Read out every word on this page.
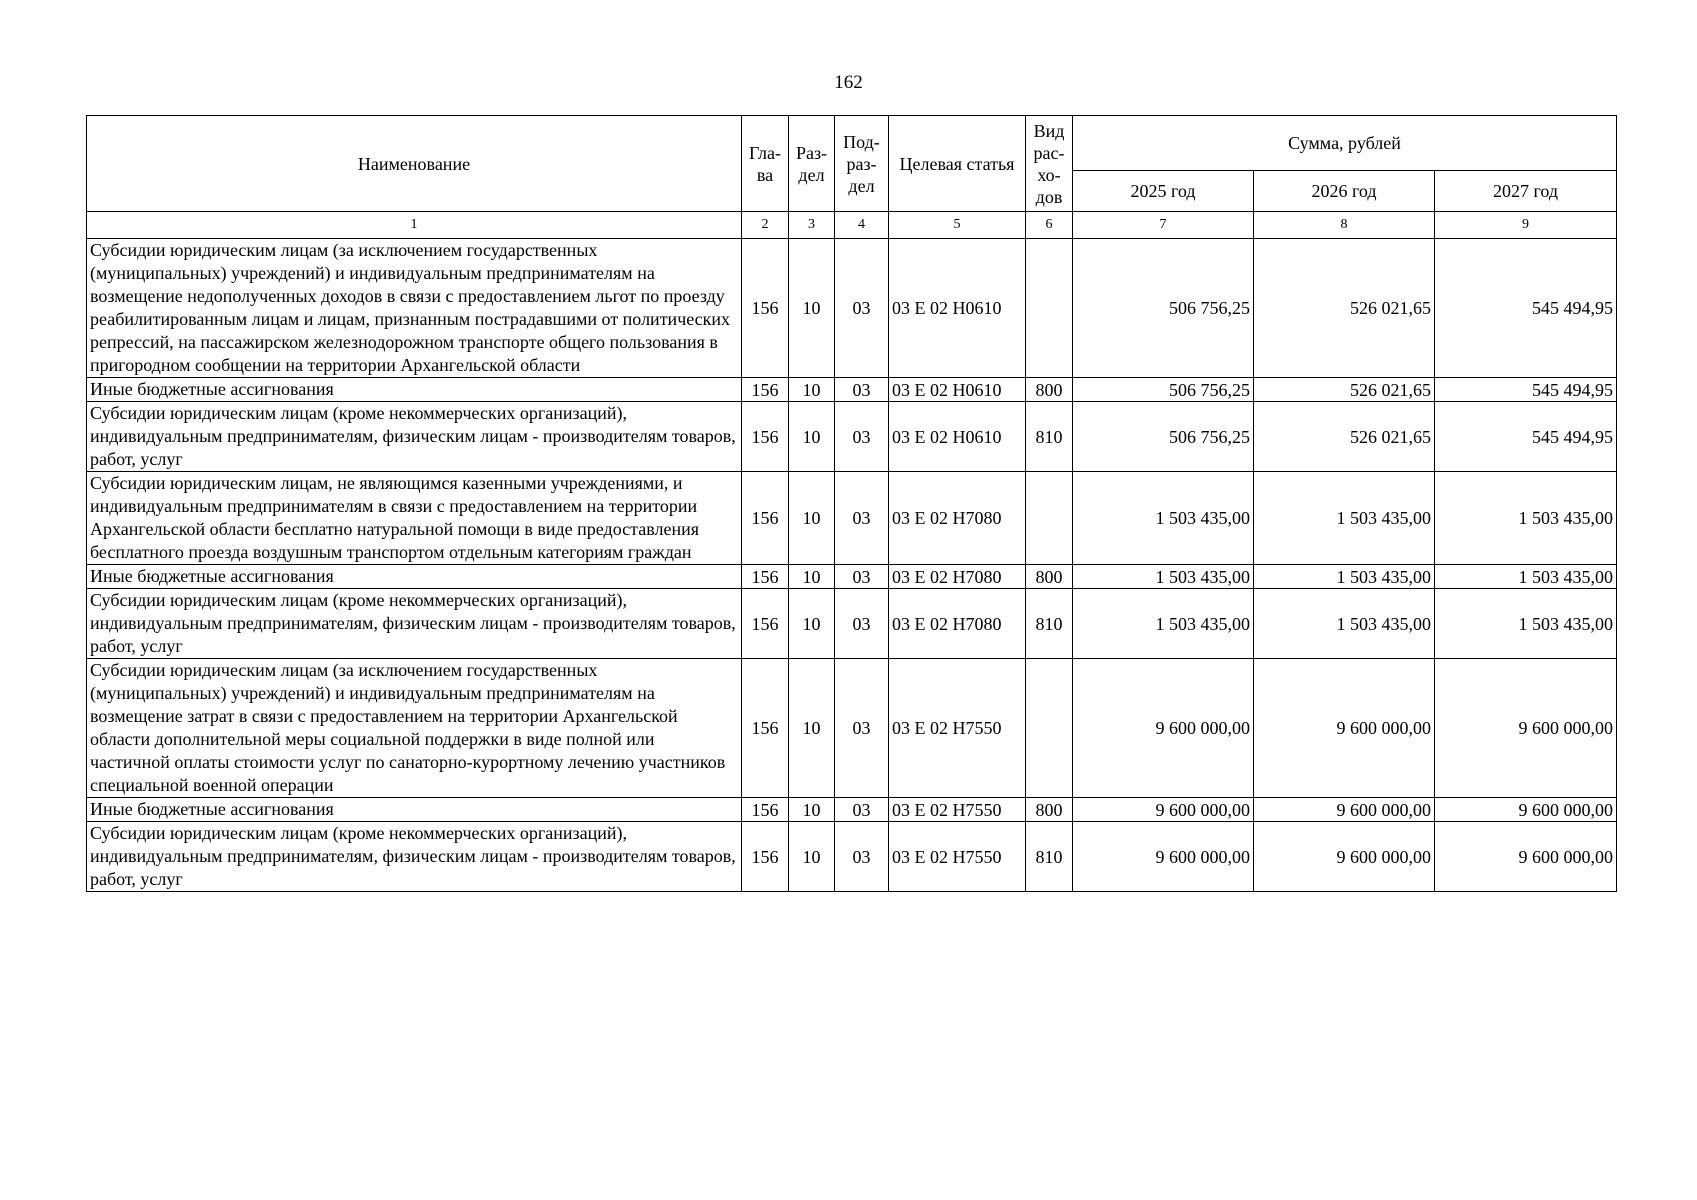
162
Наименование	Гла- ва	Раз- дел	Под- раз- дел	Целевая статья	Вид рас- хо- дов	Сумма, рублей		
						2025 год	2026 год	2027 год
1	2	3	4	5	6	7	8	9
Субсидии юридическим лицам (за исключением государственных (муниципальных) учреждений) и индивидуальным предпринимателям на возмещение недополученных доходов в связи с предоставлением льгот по проезду реабилитированным лицам и лицам, признанным пострадавшими от политических репрессий, на пассажирском железнодорожном транспорте общего пользования в пригородном сообщении на территории Архангельской области	156	10	03	03 Е 02 Н0610		506 756,25	526 021,65	545 494,95
Иные бюджетные ассигнования	156	10	03	03 Е 02 Н0610	800	506 756,25	526 021,65	545 494,95
Субсидии юридическим лицам (кроме некоммерческих организаций), индивидуальным предпринимателям, физическим лицам - производителям товаров, работ, услуг	156	10	03	03 Е 02 Н0610	810	506 756,25	526 021,65	545 494,95
Субсидии юридическим лицам, не являющимся казенными учреждениями, и индивидуальным предпринимателям в связи с предоставлением на территории Архангельской области бесплатно натуральной помощи в виде предоставления бесплатного проезда воздушным транспортом отдельным категориям граждан	156	10	03	03 Е 02 Н7080		1 503 435,00	1 503 435,00	1 503 435,00
Иные бюджетные ассигнования	156	10	03	03 Е 02 Н7080	800	1 503 435,00	1 503 435,00	1 503 435,00
Субсидии юридическим лицам (кроме некоммерческих организаций), индивидуальным предпринимателям, физическим лицам - производителям товаров, работ, услуг	156	10	03	03 Е 02 Н7080	810	1 503 435,00	1 503 435,00	1 503 435,00
Субсидии юридическим лицам (за исключением государственных (муниципальных) учреждений) и индивидуальным предпринимателям на возмещение затрат в связи с предоставлением на территории Архангельской области дополнительной меры социальной поддержки в виде полной или частичной оплаты стоимости услуг по санаторно-курортному лечению участников специальной военной операции	156	10	03	03 Е 02 Н7550		9 600 000,00	9 600 000,00	9 600 000,00
Иные бюджетные ассигнования	156	10	03	03 Е 02 Н7550	800	9 600 000,00	9 600 000,00	9 600 000,00
Субсидии юридическим лицам (кроме некоммерческих организаций), индивидуальным предпринимателям, физическим лицам - производителям товаров, работ, услуг	156	10	03	03 Е 02 Н7550	810	9 600 000,00	9 600 000,00	9 600 000,00
